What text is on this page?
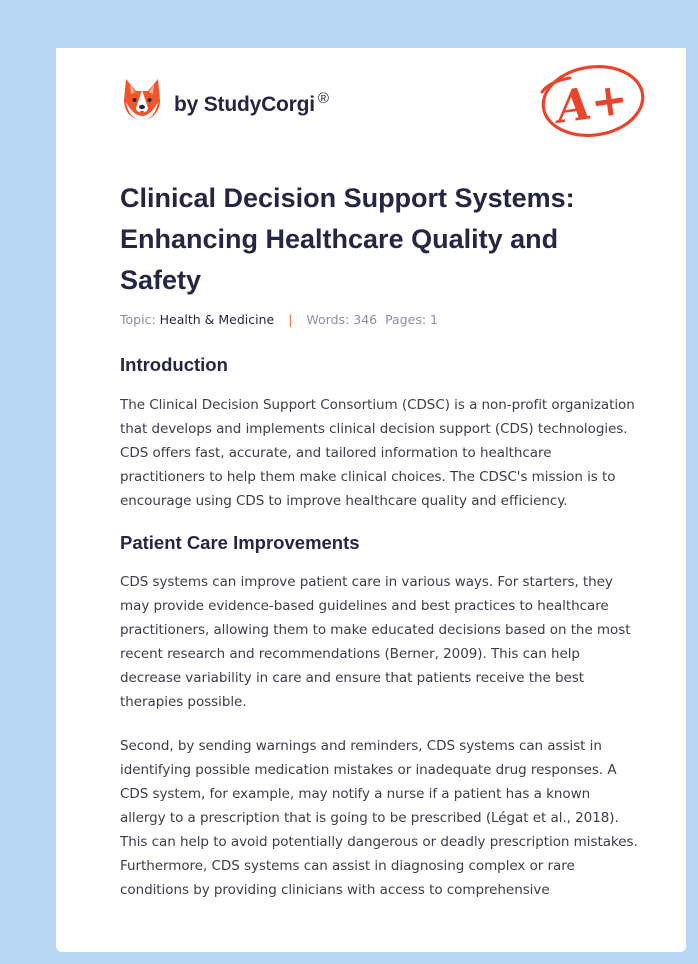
by StudyCorgi ®	A+
Clinical Decision Support Systems: Enhancing Healthcare Quality and Safety
Topic: Health & Medicine | Words: 346 Pages: 1
Introduction

The Clinical Decision Support Consortium (CDSC) is a non-profit organization that develops and implements clinical decision support (CDS) technologies. CDS offers fast, accurate, and tailored information to healthcare practitioners to help them make clinical choices. The CDSC's mission is to encourage using CDS to improve healthcare quality and efficiency.

Patient Care Improvements

CDS systems can improve patient care in various ways. For starters, they may provide evidence-based guidelines and best practices to healthcare practitioners, allowing them to make educated decisions based on the most recent research and recommendations (Berner, 2009). This can help decrease variability in care and ensure that patients receive the best therapies possible.

Second, by sending warnings and reminders, CDS systems can assist in identifying possible medication mistakes or inadequate drug responses. A CDS system, for example, may notify a nurse if a patient has a known allergy to a prescription that is going to be prescribed (Légat et al., 2018). This can help to avoid potentially dangerous or deadly prescription mistakes. Furthermore, CDS systems can assist in diagnosing complex or rare conditions by providing clinicians with access to comprehensive
